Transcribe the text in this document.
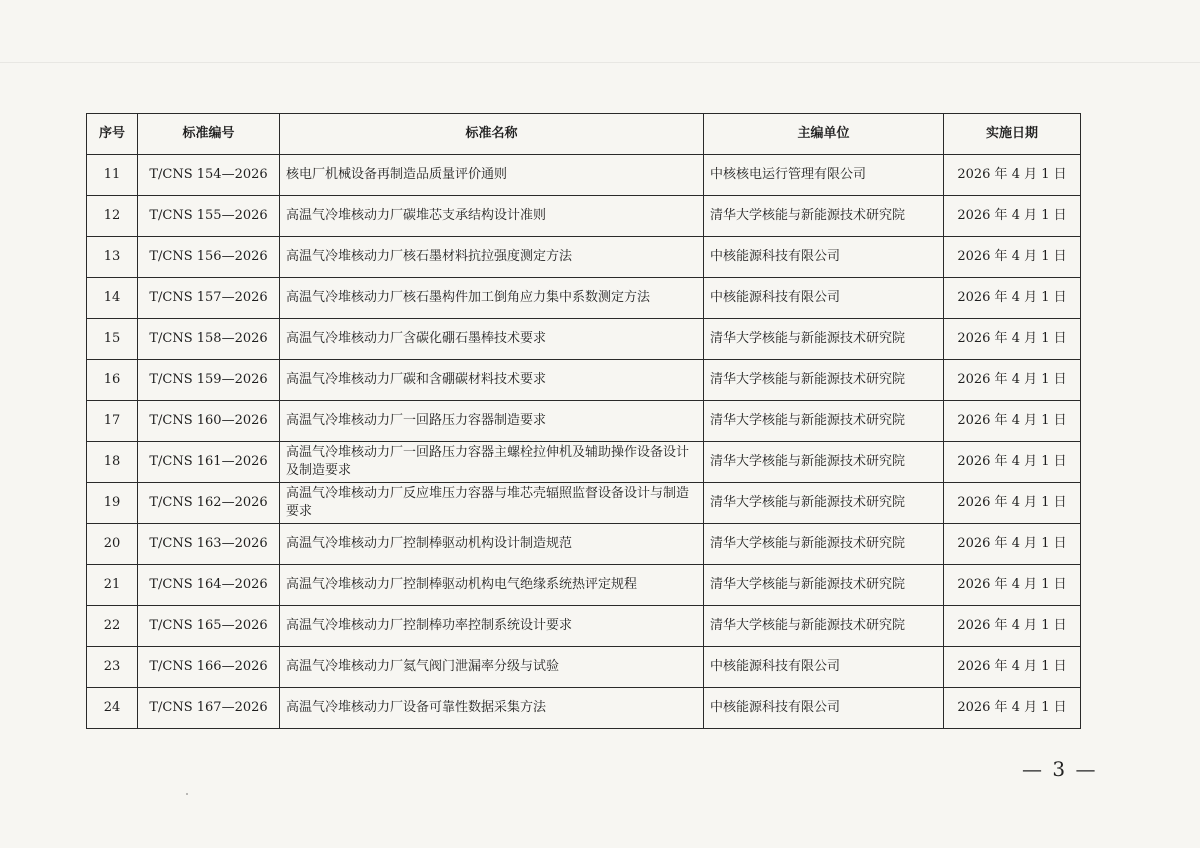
序号	标准编号	标准名称	主编单位	实施日期
11	T/CNS 154—2026	核电厂机械设备再制造品质量评价通则	中核核电运行管理有限公司	2026 年 4 月 1 日
12	T/CNS 155—2026	高温气冷堆核动力厂碳堆芯支承结构设计准则	清华大学核能与新能源技术研究院	2026 年 4 月 1 日
13	T/CNS 156—2026	高温气冷堆核动力厂核石墨材料抗拉强度测定方法	中核能源科技有限公司	2026 年 4 月 1 日
14	T/CNS 157—2026	高温气冷堆核动力厂核石墨构件加工倒角应力集中系数测定方法	中核能源科技有限公司	2026 年 4 月 1 日
15	T/CNS 158—2026	高温气冷堆核动力厂含碳化硼石墨棒技术要求	清华大学核能与新能源技术研究院	2026 年 4 月 1 日
16	T/CNS 159—2026	高温气冷堆核动力厂碳和含硼碳材料技术要求	清华大学核能与新能源技术研究院	2026 年 4 月 1 日
17	T/CNS 160—2026	高温气冷堆核动力厂一回路压力容器制造要求	清华大学核能与新能源技术研究院	2026 年 4 月 1 日
18	T/CNS 161—2026	高温气冷堆核动力厂一回路压力容器主螺栓拉伸机及辅助操作设备设计及制造要求	清华大学核能与新能源技术研究院	2026 年 4 月 1 日
19	T/CNS 162—2026	高温气冷堆核动力厂反应堆压力容器与堆芯壳辐照监督设备设计与制造要求	清华大学核能与新能源技术研究院	2026 年 4 月 1 日
20	T/CNS 163—2026	高温气冷堆核动力厂控制棒驱动机构设计制造规范	清华大学核能与新能源技术研究院	2026 年 4 月 1 日
21	T/CNS 164—2026	高温气冷堆核动力厂控制棒驱动机构电气绝缘系统热评定规程	清华大学核能与新能源技术研究院	2026 年 4 月 1 日
22	T/CNS 165—2026	高温气冷堆核动力厂控制棒功率控制系统设计要求	清华大学核能与新能源技术研究院	2026 年 4 月 1 日
23	T/CNS 166—2026	高温气冷堆核动力厂氦气阀门泄漏率分级与试验	中核能源科技有限公司	2026 年 4 月 1 日
24	T/CNS 167—2026	高温气冷堆核动力厂设备可靠性数据采集方法	中核能源科技有限公司	2026 年 4 月 1 日
— 3 —
